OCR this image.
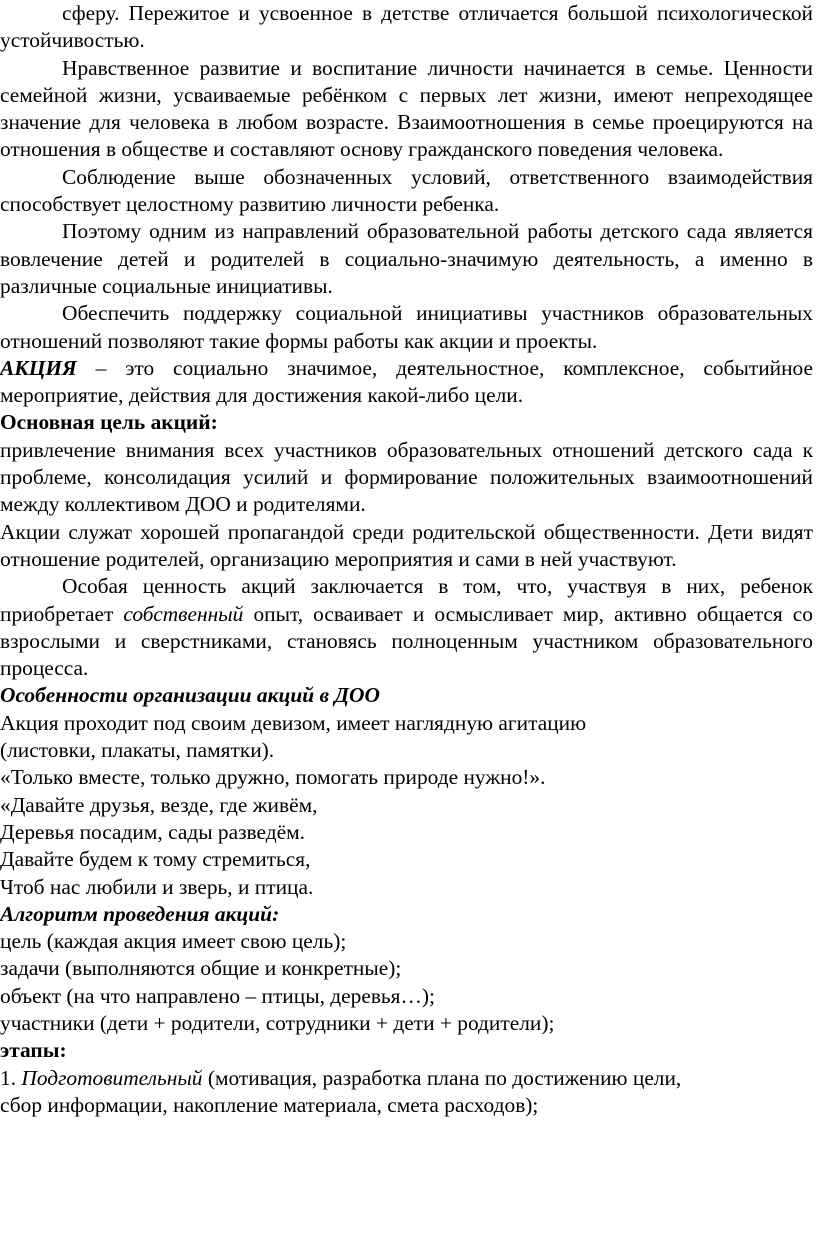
сферу. Пережитое и усвоенное в детстве отличается большой психологической устойчивостью.

Нравственное развитие и воспитание личности начинается в семье. Ценности семейной жизни, усваиваемые ребёнком с первых лет жизни, имеют непреходящее значение для человека в любом возрасте. Взаимоотношения в семье проецируются на отношения в обществе и составляют основу гражданского поведения человека.

Соблюдение выше обозначенных условий, ответственного взаимодействия способствует целостному развитию личности ребенка.

Поэтому одним из направлений образовательной работы детского сада является вовлечение детей и родителей в социально-значимую деятельность, а именно в различные социальные инициативы.

Обеспечить поддержку социальной инициативы участников образовательных отношений позволяют такие формы работы как акции и проекты.

АКЦИЯ – это социально значимое, деятельностное, комплексное, событийное мероприятие, действия для достижения какой-либо цели.

Основная цель акций:

привлечение внимания всех участников образовательных отношений детского сада к проблеме, консолидация усилий и формирование положительных взаимоотношений между коллективом ДОО и родителями.

Акции служат хорошей пропагандой среди родительской общественности. Дети видят отношение родителей, организацию мероприятия и сами в ней участвуют.

Особая ценность акций заключается в том, что, участвуя в них, ребенок приобретает собственный опыт, осваивает и осмысливает мир, активно общается со взрослыми и сверстниками, становясь полноценным участником образовательного процесса.

Особенности организации акций в ДОО

Акция проходит под своим девизом, имеет наглядную агитацию

(листовки, плакаты, памятки).

«Только вместе, только дружно, помогать природе нужно!».

«Давайте друзья, везде, где живём,

Деревья посадим, сады разведём.

Давайте будем к тому стремиться,

Чтоб нас любили и зверь, и птица.

Алгоритм проведения акций:

цель (каждая акция имеет свою цель);

задачи (выполняются общие и конкретные);

объект (на что направлено – птицы, деревья…);

участники (дети + родители, сотрудники + дети + родители);

этапы:

1. Подготовительный (мотивация, разработка плана по достижению цели,

сбор информации, накопление материала, смета расходов);
